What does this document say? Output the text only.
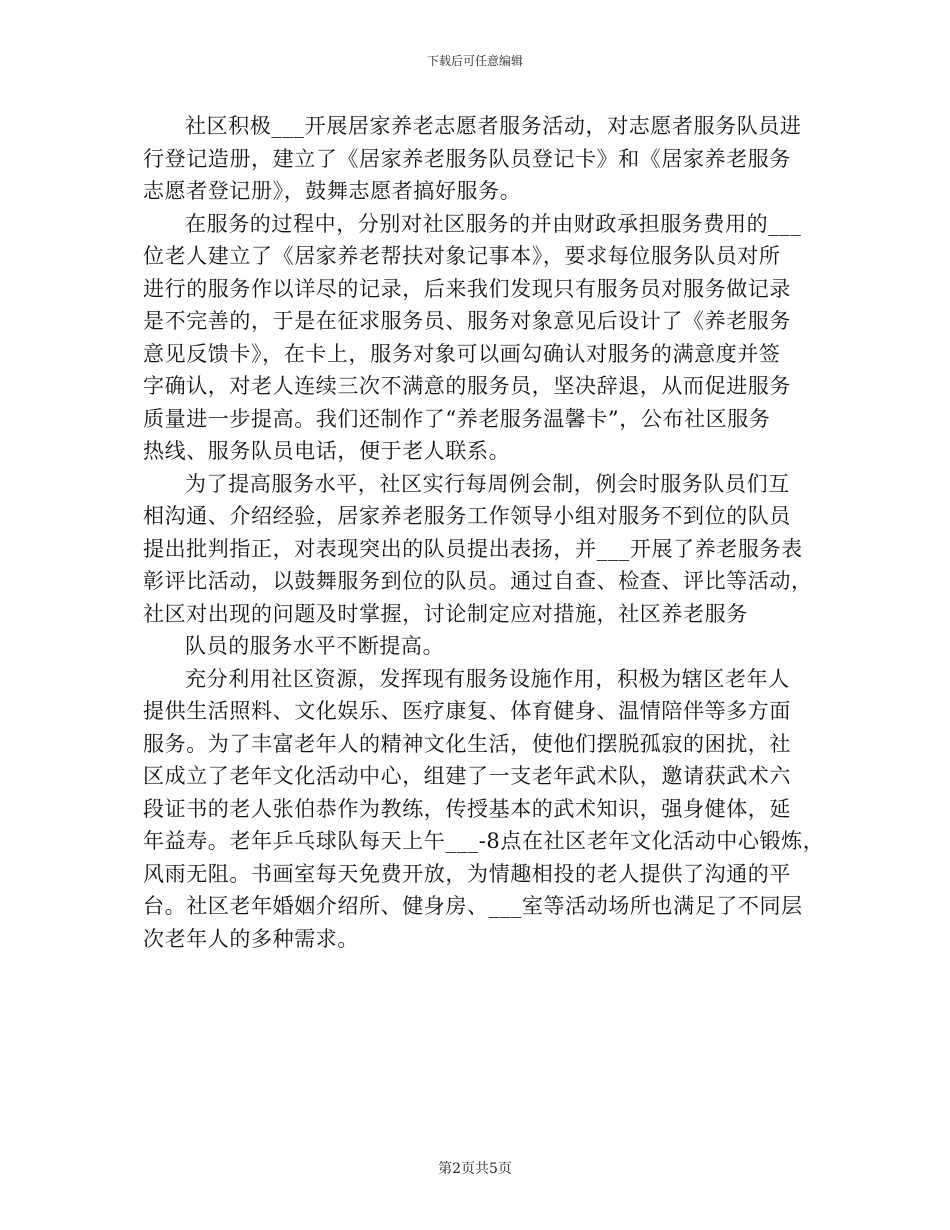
下载后可任意编辑
社区积极___开展居家养老志愿者服务活动，对志愿者服务队员进
行登记造册，建立了《居家养老服务队员登记卡》和《居家养老服务
志愿者登记册》，鼓舞志愿者搞好服务。
在服务的过程中，分别对社区服务的并由财政承担服务费用的___
位老人建立了《居家养老帮扶对象记事本》，要求每位服务队员对所
进行的服务作以详尽的记录，后来我们发现只有服务员对服务做记录
是不完善的，于是在征求服务员、服务对象意见后设计了《养老服务
意见反馈卡》，在卡上，服务对象可以画勾确认对服务的满意度并签
字确认，对老人连续三次不满意的服务员，坚决辞退，从而促进服务
质量进一步提高。我们还制作了“养老服务温馨卡”，公布社区服务
热线、服务队员电话，便于老人联系。
为了提高服务水平，社区实行每周例会制，例会时服务队员们互
相沟通、介绍经验，居家养老服务工作领导小组对服务不到位的队员
提出批判指正，对表现突出的队员提出表扬，并___开展了养老服务表
彰评比活动，以鼓舞服务到位的队员。通过自查、检查、评比等活动，
社区对出现的问题及时掌握，讨论制定应对措施，社区养老服务
队员的服务水平不断提高。
充分利用社区资源，发挥现有服务设施作用，积极为辖区老年人
提供生活照料、文化娱乐、医疗康复、体育健身、温情陪伴等多方面
服务。为了丰富老年人的精神文化生活，使他们摆脱孤寂的困扰，社
区成立了老年文化活动中心，组建了一支老年武术队，邀请获武术六
段证书的老人张伯恭作为教练，传授基本的武术知识，强身健体，延
年益寿。老年乒乓球队每天上午___-8点在社区老年文化活动中心锻炼，
风雨无阻。书画室每天免费开放，为情趣相投的老人提供了沟通的平
台。社区老年婚姻介绍所、健身房、___室等活动场所也满足了不同层
次老年人的多种需求。
第2页共5页
